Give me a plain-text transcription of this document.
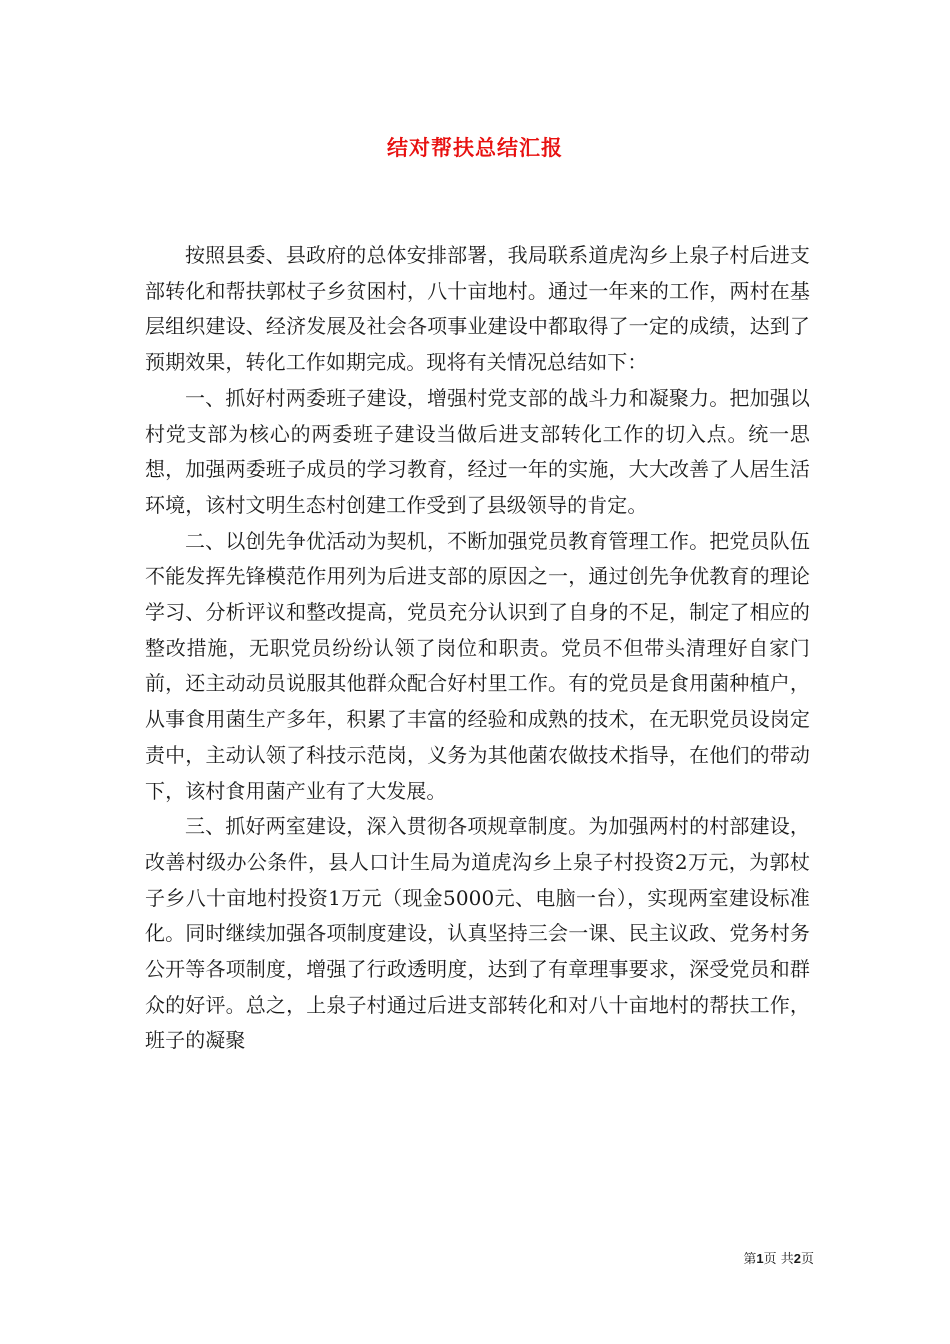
结对帮扶总结汇报

按照县委、县政府的总体安排部署，我局联系道虎沟乡上泉子村后进支部转化和帮扶郭杖子乡贫困村，八十亩地村。通过一年来的工作，两村在基层组织建设、经济发展及社会各项事业建设中都取得了一定的成绩，达到了预期效果，转化工作如期完成。现将有关情况总结如下：

一、抓好村两委班子建设，增强村党支部的战斗力和凝聚力。把加强以村党支部为核心的两委班子建设当做后进支部转化工作的切入点。统一思想，加强两委班子成员的学习教育，经过一年的实施，大大改善了人居生活环境，该村文明生态村创建工作受到了县级领导的肯定。

二、以创先争优活动为契机，不断加强党员教育管理工作。把党员队伍不能发挥先锋模范作用列为后进支部的原因之一，通过创先争优教育的理论学习、分析评议和整改提高，党员充分认识到了自身的不足，制定了相应的整改措施，无职党员纷纷认领了岗位和职责。党员不但带头清理好自家门前，还主动动员说服其他群众配合好村里工作。有的党员是食用菌种植户，从事食用菌生产多年，积累了丰富的经验和成熟的技术，在无职党员设岗定责中，主动认领了科技示范岗，义务为其他菌农做技术指导，在他们的带动下，该村食用菌产业有了大发展。

三、抓好两室建设，深入贯彻各项规章制度。为加强两村的村部建设，改善村级办公条件，县人口计生局为道虎沟乡上泉子村投资2万元，为郭杖子乡八十亩地村投资1万元（现金5000元、电脑一台），实现两室建设标准化。同时继续加强各项制度建设，认真坚持三会一课、民主议政、党务村务公开等各项制度，增强了行政透明度，达到了有章理事要求，深受党员和群众的好评。总之，上泉子村通过后进支部转化和对八十亩地村的帮扶工作，班子的凝聚

第1页 共2页
